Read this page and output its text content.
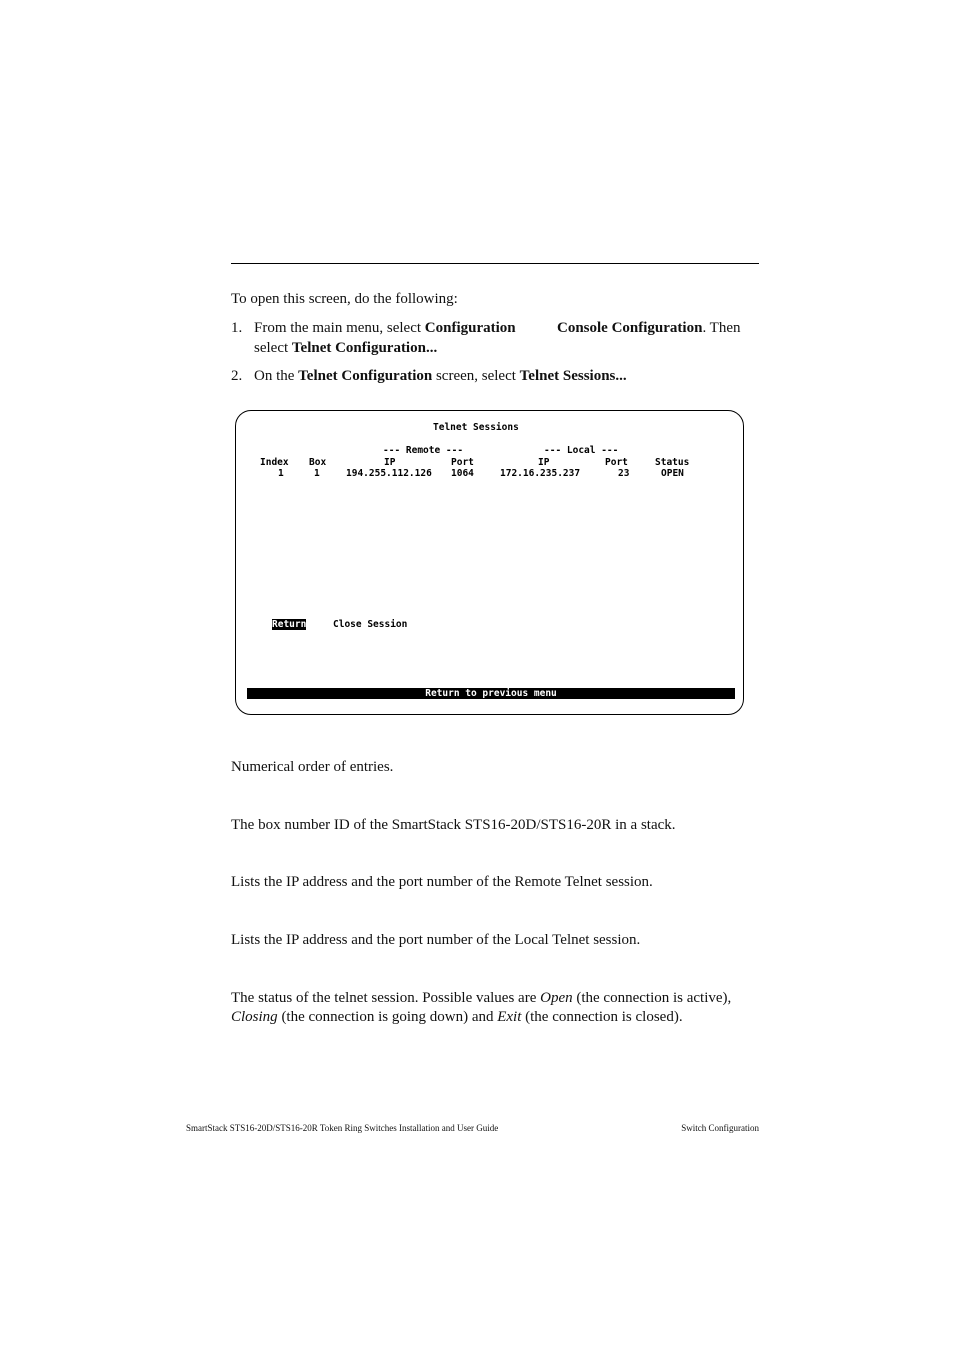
To open this screen, do the following:
1. From the main menu, select Configuration	Console Configuration. Then
select Telnet Configuration...
2. On the Telnet Configuration screen, select Telnet Sessions...
Telnet Sessions
--- Remote ---	--- Local ---
Index Box	IP	Port	IP	Port	Status
1	1	194.255.112.126 1064	172.16.235.237	23	OPEN
Return	Close Session
Return to previous menu
Numerical order of entries.
The box number ID of the SmartStack STS16-20D/STS16-20R in a stack.
Lists the IP address and the port number of the Remote Telnet session.
Lists the IP address and the port number of the Local Telnet session.
The status of the telnet session. Possible values are Open (the connection is active),
Closing (the connection is going down) and Exit (the connection is closed).
SmartStack STS16-20D/STS16-20R Token Ring Switches Installation and User Guide	Switch Configuration
